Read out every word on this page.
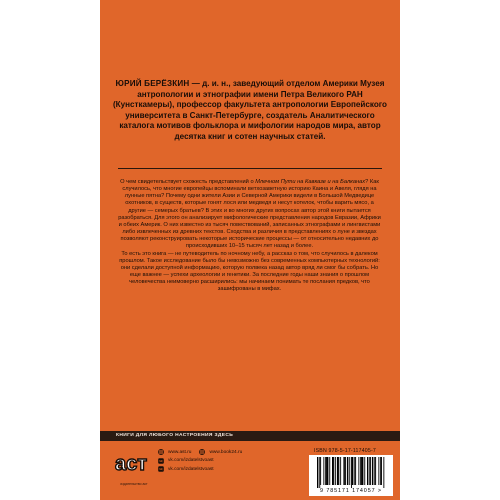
ЮРИЙ БЕРЁЗКИН — д. и. н., заведующий отделом Америки Музея антропологии и этнографии имени Петра Великого РАН (Кунсткамеры), профессор факультета антропологии Европейского университета в Санкт-Петербурге, создатель Аналитического каталога мотивов фольклора и мифологии народов мира, автор десятка книг и сотен научных статей.

О чем свидетельствует схожесть представлений о Млечном Пути на Кавказе и на Балканах? Как случилось, что многие европейцы вспоминали ветхозаветную историю Каина и Авеля, глядя на лунные пятна? Почему одни жители Азии и Северной Америки видели в Большой Медведице охотников, в существ, которые гонят лося или медведя и несут котелок, чтобы варить мясо, а другие — семерых братьев? В этих и во многих других вопросах автор этой книги пытается разобраться. Для этого он анализирует мифологические представления народов Евразии, Африки и обеих Америк. О них известно из тысяч повествований, записанных этнографами и лингвистами либо извлеченных из древних текстов. Сходства и различия в представлениях о луне и звездах позволяют реконструировать некоторые исторические процессы — от относительно недавних до происходивших 10–15 тысяч лет назад и более.

То есть это книга — не путеводитель по ночному небу, а рассказ о том, что случилось в далеком прошлом. Такое исследование было бы невозможно без современных компьютерных технологий: они сделали доступной информацию, которую полвека назад автор вряд ли смог бы собрать. Но еще важнее — успехи археологии и генетики. За последние годы наши знания о прошлом человечества неимоверно расширились: мы начинаем понимать те послания предков, что зашифрованы в мифах.

КНИГИ ДЛЯ ЛЮБОГО НАСТРОЕНИЯ ЗДЕСЬ
аст
издательство аст
www.ast.ru	www.book24.ru
vk.com/izdatelstvoast
vk.com/izdatelstvoast
ISBN 978-5-17-117405-7
9 785171 174057 >
